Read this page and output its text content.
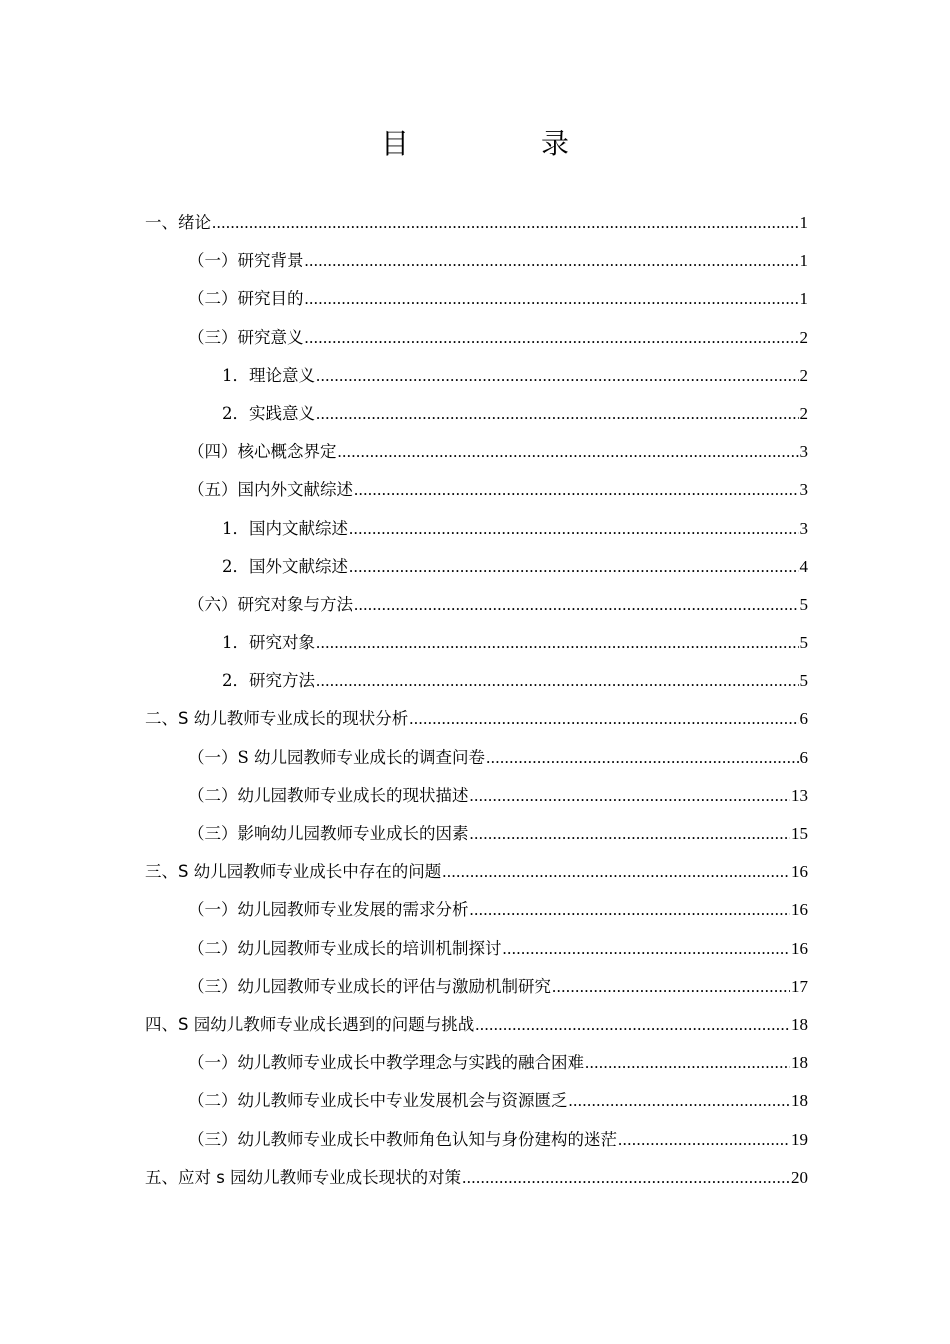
目　录
一、绪论 .....	1
（一）研究背景 .....	1
（二）研究目的 .....	1
（三）研究意义 .....	2
1．理论意义 .....	2
2．实践意义 .....	2
（四）核心概念界定 .....	3
（五）国内外文献综述 .....	3
1．国内文献综述 .....	3
2．国外文献综述 .....	4
（六）研究对象与方法 .....	5
1．研究对象 .....	5
2．研究方法 .....	5
二、S 幼儿教师专业成长的现状分析 .....	6
（一）S 幼儿园教师专业成长的调查问卷 .....	6
（二）幼儿园教师专业成长的现状描述 .....	13
（三）影响幼儿园教师专业成长的因素 .....	15
三、S 幼儿园教师专业成长中存在的问题 .....	16
（一）幼儿园教师专业发展的需求分析 .....	16
（二）幼儿园教师专业成长的培训机制探讨 .....	16
（三）幼儿园教师专业成长的评估与激励机制研究 .....	17
四、S 园幼儿教师专业成长遇到的问题与挑战 .....	18
（一）幼儿教师专业成长中教学理念与实践的融合困难 .....	18
（二）幼儿教师专业成长中专业发展机会与资源匮乏 .....	18
（三）幼儿教师专业成长中教师角色认知与身份建构的迷茫 .....	19
五、应对 s 园幼儿教师专业成长现状的对策 .....	20
